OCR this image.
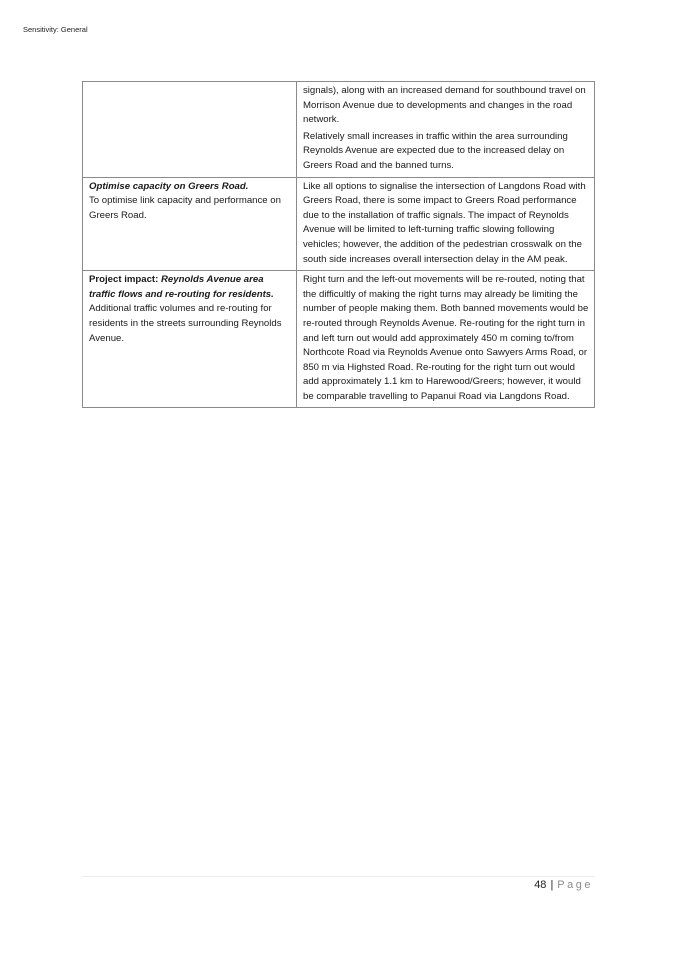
Sensitivity: General

	signals), along with an increased demand for southbound travel on Morrison Avenue due to developments and changes in the road network.

Relatively small increases in traffic within the area surrounding Reynolds Avenue are expected due to the increased delay on Greers Road and the banned turns.

Optimise capacity on Greers Road.

To optimise link capacity and performance on Greers Road.	Like all options to signalise the intersection of Langdons Road with Greers Road, there is some impact to Greers Road performance due to the installation of traffic signals. The impact of Reynolds Avenue will be limited to left-turning traffic slowing following vehicles; however, the addition of the pedestrian crosswalk on the south side increases overall intersection delay in the AM peak.

Project impact: Reynolds Avenue area traffic flows and re-routing for residents.

Additional traffic volumes and re-routing for residents in the streets surrounding Reynolds Avenue.	Right turn and the left-out movements will be re-routed, noting that the difficultly of making the right turns may already be limiting the number of people making them. Both banned movements would be re-routed through Reynolds Avenue. Re-routing for the right turn in and left turn out would add approximately 450 m coming to/from Northcote Road via Reynolds Avenue onto Sawyers Arms Road, or 850 m via Highsted Road. Re-routing for the right turn out would add approximately 1.1 km to Harewood/Greers; however, it would be comparable travelling to Papanui Road via Langdons Road.

48 | Page
